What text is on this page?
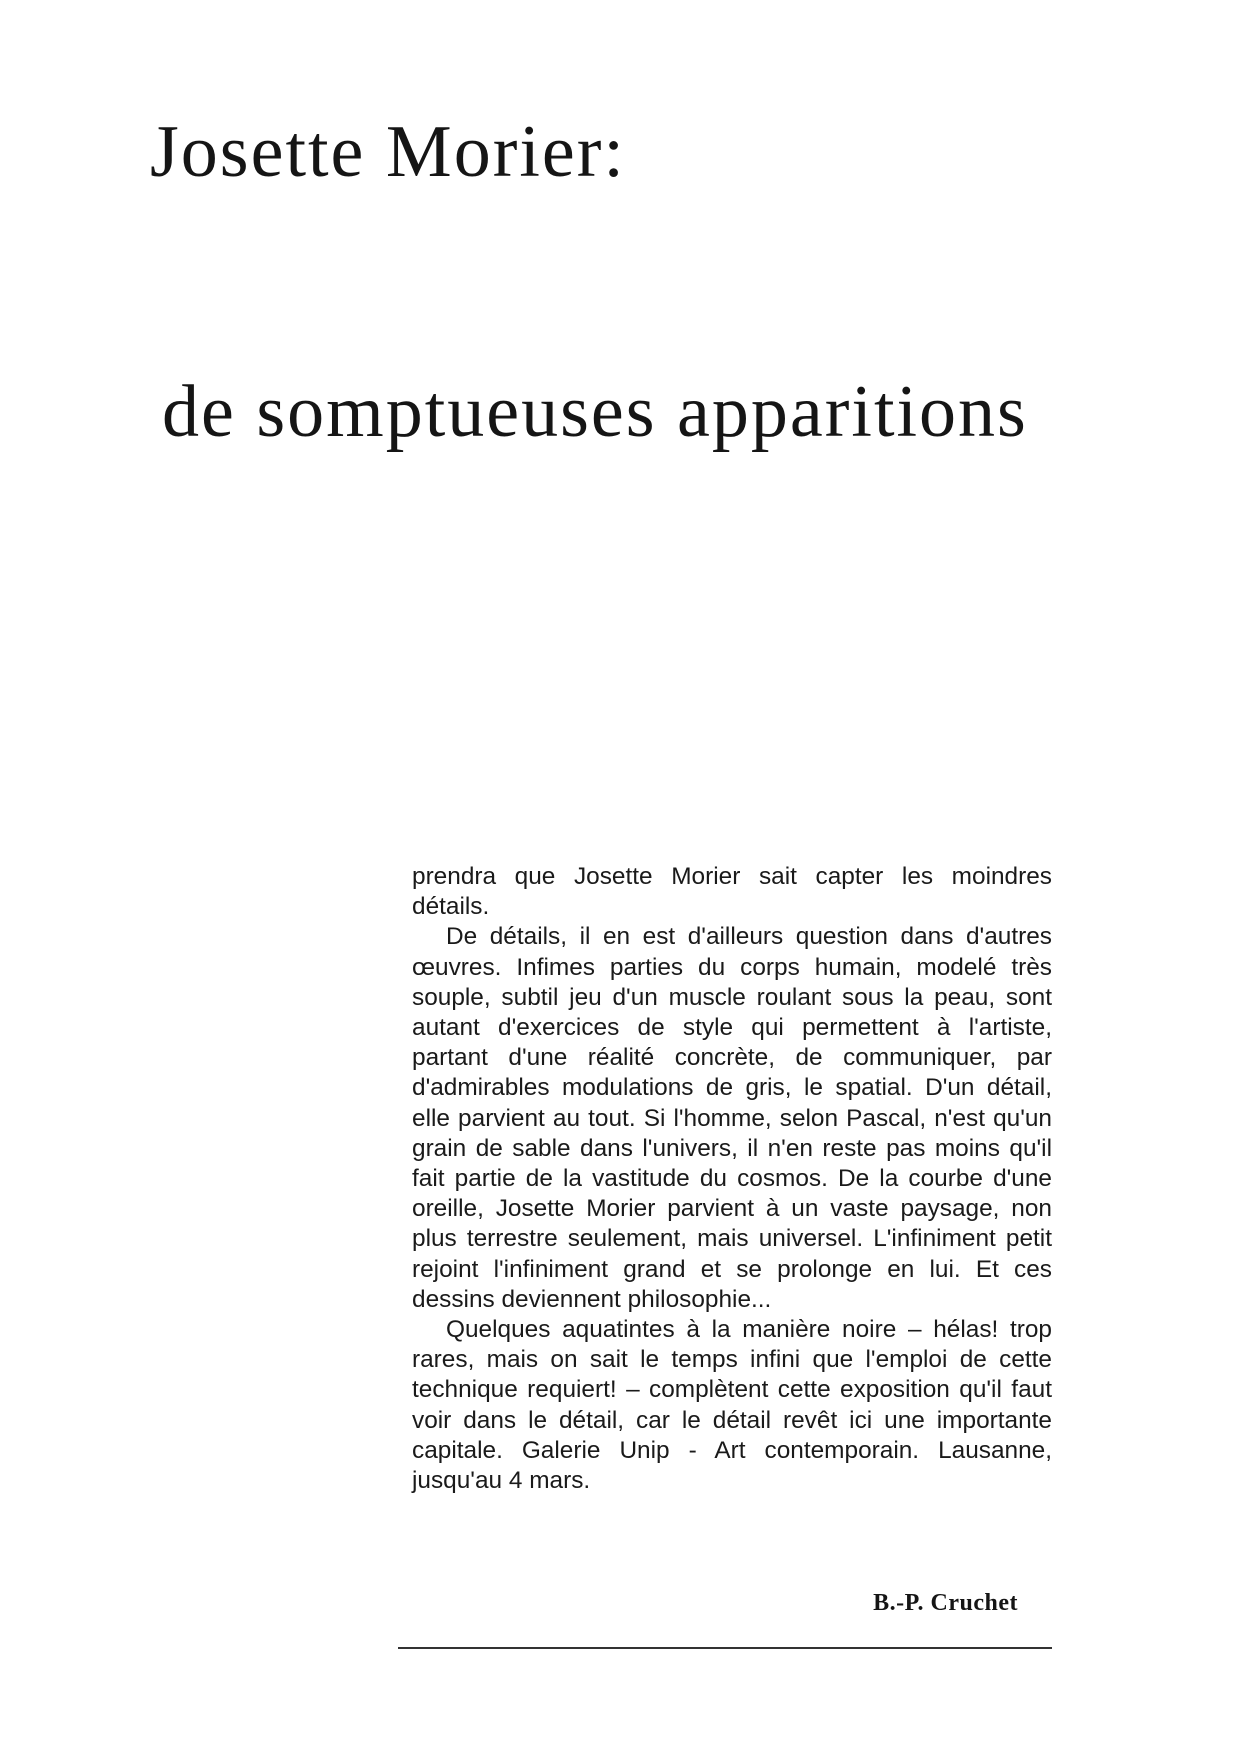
Josette Morier:
de somptueuses apparitions

prendra que Josette Morier sait capter les moindres détails.

De détails, il en est d'ailleurs question dans d'autres œuvres. Infimes parties du corps humain, modelé très souple, subtil jeu d'un muscle roulant sous la peau, sont autant d'exercices de style qui permettent à l'artiste, partant d'une réalité concrète, de communiquer, par d'admirables modulations de gris, le spatial. D'un détail, elle parvient au tout. Si l'homme, selon Pascal, n'est qu'un grain de sable dans l'univers, il n'en reste pas moins qu'il fait partie de la vastitude du cosmos. De la courbe d'une oreille, Josette Morier parvient à un vaste paysage, non plus terrestre seulement, mais universel. L'infiniment petit rejoint l'infiniment grand et se prolonge en lui. Et ces dessins deviennent philosophie...

Quelques aquatintes à la manière noire – hélas! trop rares, mais on sait le temps infini que l'emploi de cette technique requiert! – complètent cette exposition qu'il faut voir dans le détail, car le détail revêt ici une importante capitale. Galerie Unip - Art contemporain. Lausanne, jusqu'au 4 mars.

B.-P. Cruchet
